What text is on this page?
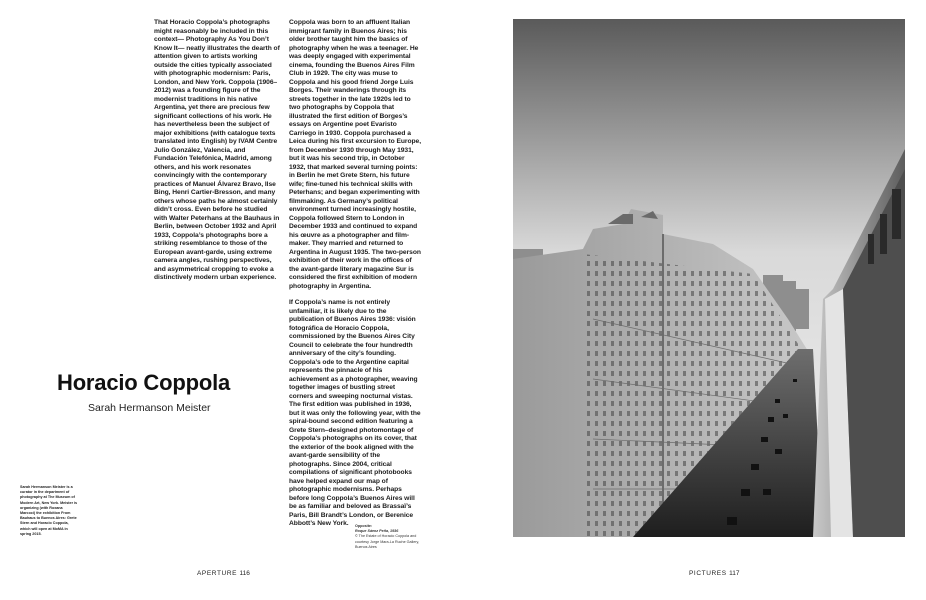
That Horacio Coppola’s photographs might reasonably be included in this context— Photography As You Don’t Know It— neatly illustrates the dearth of attention given to artists working outside the cities typically associated with photographic modernism: Paris, London, and New York. Coppola (1906–2012) was a founding figure of the modernist traditions in his native Argentina, yet there are precious few significant collections of his work. He has nevertheless been the subject of major exhibitions (with catalogue texts translated into English) by IVAM Centre Julio González, Valencia, and Fundación Telefónica, Madrid, among others, and his work resonates convincingly with the contemporary practices of Manuel Álvarez Bravo, Ilse Bing, Henri Cartier-Bresson, and many others whose paths he almost certainly didn’t cross. Even before he studied with Walter Peterhans at the Bauhaus in Berlin, between October 1932 and April 1933, Coppola’s photographs bore a striking resemblance to those of the European avant-garde, using extreme camera angles, rushing perspectives, and asymmetrical cropping to evoke a distinctively modern urban experience.

Coppola was born to an affluent Italian immigrant family in Buenos Aires; his older brother taught him the basics of photography when he was a teenager. He was deeply engaged with experimental cinema, founding the Buenos Aires Film Club in 1929. The city was muse to Coppola and his good friend Jorge Luis Borges. Their wanderings through its streets together in the late 1920s led to two photographs by Coppola that illustrated the first edition of Borges’s essays on Argentine poet Evaristo Carriego in 1930. Coppola purchased a Leica during his first excursion to Europe, from December 1930 through May 1931, but it was his second trip, in October 1932, that marked several turning points: in Berlin he met Grete Stern, his future wife; fine-tuned his technical skills with Peterhans; and began experimenting with filmmaking. As Germany’s political environment turned increasingly hostile, Coppola followed Stern to London in December 1933 and continued to expand his œuvre as a photographer and film-maker. They married and returned to Argentina in August 1935. The two-person exhibition of their work in the offices of the avant-garde literary magazine Sur is considered the first exhibition of modern photography in Argentina.

If Coppola’s name is not entirely unfamiliar, it is likely due to the publication of Buenos Aires 1936: visión fotográfica de Horacio Coppola, commissioned by the Buenos Aires City Council to celebrate the four hundredth anniversary of the city’s founding. Coppola’s ode to the Argentine capital represents the pinnacle of his achievement as a photographer, weaving together images of bustling street corners and sweeping nocturnal vistas. The first edition was published in 1936, but it was only the following year, with the spiral-bound second edition featuring a Grete Stern–designed photomontage of Coppola’s photographs on its cover, that the exterior of the book aligned with the avant-garde sensibility of the photographs. Since 2004, critical compilations of significant photobooks have helped expand our map of photographic modernisms. Perhaps before long Coppola’s Buenos Aires will be as familiar and beloved as Brassaï’s Paris, Bill Brandt’s London, or Berenice Abbott’s New York.

Horacio Coppola
Sarah Hermanson Meister
Sarah Hermanson Meister is a curator in the department of photography at The Museum of Modern Art, New York. Meister is organizing (with Roxana Marcoci) the exhibition From Bauhaus to Buenos Aires: Grete Stern and Horacio Coppola, which will open at MoMA in spring 2015.
Opposite:
Roque Sáenz Peña, 1936
© The Estate of Horacio Coppola and courtesy Jorge Mara-La Ruche Gallery, Buenos Aires
APERTURE 116	PICTURES 117
